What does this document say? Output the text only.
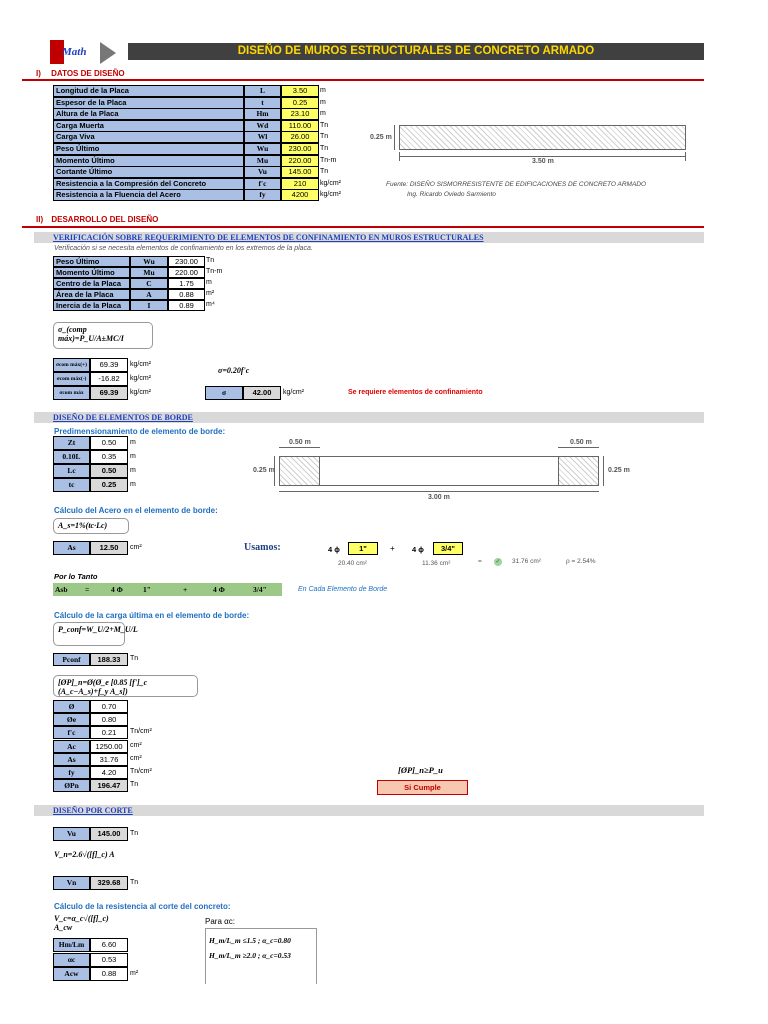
Math	DISEÑO DE MUROS ESTRUCTURALES DE CONCRETO ARMADO
I) DATOS DE DISEÑO
0.25 m
3.50 m
Fuente: DISEÑO SISMORRESISTENTE DE EDIFICACIONES DE CONCRETO ARMADO
Ing. Ricardo Oviedo Sarmiento
II) DESARROLLO DEL DISEÑO
VERIFICACIÓN SOBRE REQUERIMIENTO DE ELEMENTOS DE CONFINAMIENTO EN MUROS ESTRUCTURALES
Verificación si se necesita elementos de confinamiento en los extremos de la placa.
σ_(comp máx)=P_U/A±MC/I
σ=0.20f'c
σ	42.00	kg/cm²	Se requiere elementos de confinamiento
DISEÑO DE ELEMENTOS DE BORDE
Predimensionamiento de elemento de borde:
0.50 m	0.50 m
0.25 m	0.25 m
3.00 m
Cálculo del Acero en el elemento de borde:
A_s=1%(tc·Lc)
As	12.50	cm²	Usamos:	4 ϕ	1"	+ 4 ϕ	3/4"
20.40 cm²	11.36 cm²	= ✓ 31.76 cm²	ρ = 2.54%
Por lo Tanto
Asb =	4 Φ	1"	+	4 Φ	3/4"	En Cada Elemento de Borde
Cálculo de la carga última en el elemento de borde:
P_conf=W_U/2+M_U/L
Pconf	188.33	Tn
[ØP]_n=Ø(Ø_e [0.85 [f']_c (A_c−A_s)+f_y A_s])
[ØP]_n≥P_u
Si Cumple
DISEÑO POR CORTE
Vu	145.00	Tn
V_n=2.6√([f]_c) A
Vn	329.68	Tn
Cálculo de la resistencia al corte del concreto:
V_c=α_c√([f]_c) A_cw
Para αc:
H_m/L_m ≤1.5 ; α_c=0.80
H_m/L_m ≥2.0 ; α_c=0.53
Longitud de la Placa	L	3.50	m
Espesor de la Placa	t	0.25	m
Altura de la Placa	Hm	23.10	m
Carga Muerta	Wd	110.00	Tn
Carga Viva	Wl	26.00	Tn
Peso Último	Wu	230.00	Tn
Momento Último	Mu	220.00	Tn-m
Cortante Último	Vu	145.00	Tn
Resistencia a la Compresión del Concreto	f'c	210	kg/cm²
Resistencia a la Fluencia del Acero	fy	4200	kg/cm²
Peso Último	Wu	230.00	Tn
Momento Último	Mu	220.00	Tn-m
Centro de la Placa	C	1.75	m
Área de la Placa	A	0.88	m²
Inercia de la Placa	I	0.89	m⁴
σcom máx(+)	69.39	kg/cm²
σcom máx(-)	-16.82	kg/cm²
σcom máx	69.39	kg/cm²
Zt	0.50	m
0.10L	0.35	m
Lc	0.50	m
tc	0.25	m
Ø	0.70
Øe	0.80
f'c	0.21	Tn/cm²
Ac	1250.00	cm²
As	31.76	cm²
fy	4.20	Tn/cm²
ØPn	196.47	Tn
Hm/Lm	6.60
αc	0.53
Acw	0.88	m²
